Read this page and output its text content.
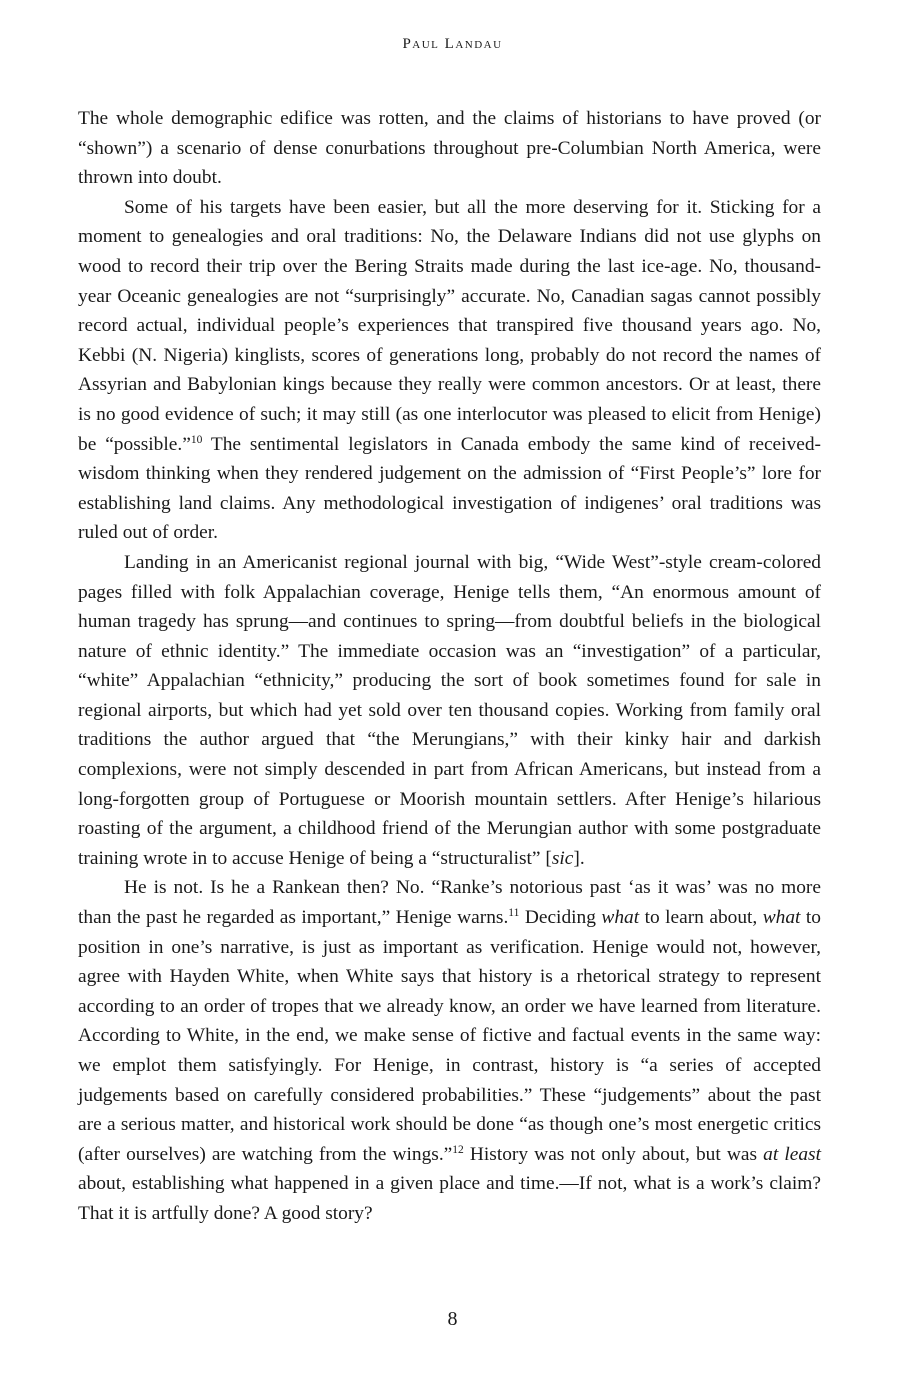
Paul Landau

The whole demographic edifice was rotten, and the claims of historians to have proved (or “shown”) a scenario of dense conurbations throughout pre-Columbian North America, were thrown into doubt.

Some of his targets have been easier, but all the more deserving for it. Sticking for a moment to genealogies and oral traditions: No, the Delaware Indians did not use glyphs on wood to record their trip over the Bering Straits made during the last ice-age. No, thousand-year Oceanic genealogies are not “surprisingly” accurate. No, Canadian sagas cannot possibly record actual, individual people’s experiences that transpired five thousand years ago. No, Kebbi (N. Nigeria) kinglists, scores of generations long, probably do not record the names of Assyrian and Babylonian kings because they really were common ancestors. Or at least, there is no good evidence of such; it may still (as one interlocutor was pleased to elicit from Henige) be “possible.”$^{10}$ The sentimental legislators in Canada embody the same kind of received-wisdom thinking when they rendered judgement on the admission of “First People’s” lore for establishing land claims. Any methodological investigation of indigenes’ oral traditions was ruled out of order.

Landing in an Americanist regional journal with big, “Wide West”-style cream-colored pages filled with folk Appalachian coverage, Henige tells them, “An enormous amount of human tragedy has sprung—and continues to spring—from doubtful beliefs in the biological nature of ethnic identity.” The immediate occasion was an “investigation” of a particular, “white” Appalachian “ethnicity,” producing the sort of book sometimes found for sale in regional airports, but which had yet sold over ten thousand copies. Working from family oral traditions the author argued that “the Merungians,” with their kinky hair and darkish complexions, were not simply descended in part from African Americans, but instead from a long-forgotten group of Portuguese or Moorish mountain settlers. After Henige’s hilarious roasting of the argument, a childhood friend of the Merungian author with some postgraduate training wrote in to accuse Henige of being a “structuralist” [sic].

He is not. Is he a Rankean then? No. “Ranke’s notorious past ‘as it was’ was no more than the past he regarded as important,” Henige warns.$^{11}$ Deciding what to learn about, what to position in one’s narrative, is just as important as verification. Henige would not, however, agree with Hayden White, when White says that history is a rhetorical strategy to represent according to an order of tropes that we already know, an order we have learned from literature. According to White, in the end, we make sense of fictive and factual events in the same way: we emplot them satisfyingly. For Henige, in contrast, history is “a series of accepted judgements based on carefully considered probabilities.” These “judgements” about the past are a serious matter, and historical work should be done “as though one’s most energetic critics (after ourselves) are watching from the wings.”$^{12}$ History was not only about, but was at least about, establishing what happened in a given place and time.—If not, what is a work’s claim? That it is artfully done? A good story?

8
